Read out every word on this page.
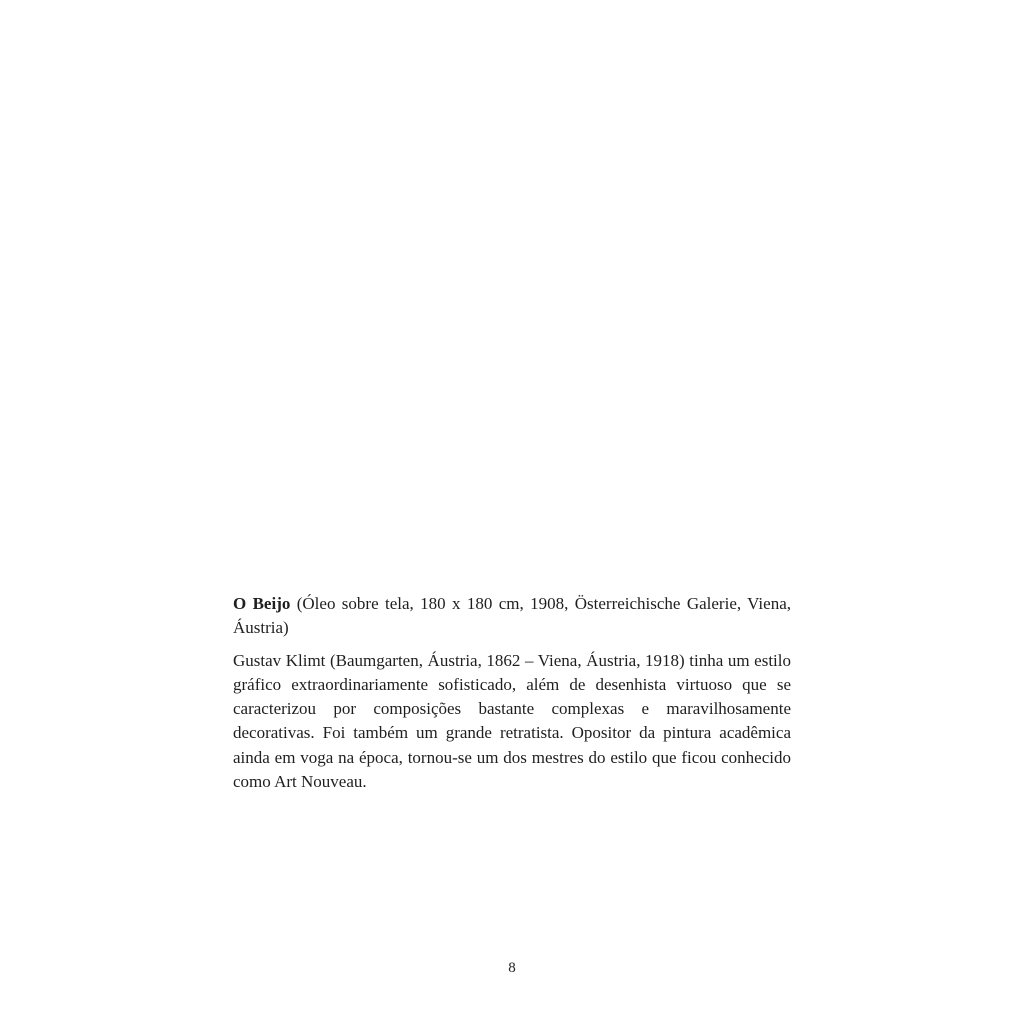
O Beijo (Óleo sobre tela, 180 x 180 cm, 1908, Österreichische Galerie, Viena, Áustria)

Gustav Klimt (Baumgarten, Áustria, 1862 – Viena, Áustria, 1918) tinha um estilo gráfico extraordinariamente sofisticado, além de desenhista virtuoso que se caracterizou por composições bastante complexas e maravilhosamente decorativas. Foi também um grande retratista. Opositor da pintura acadêmica ainda em voga na época, tornou-se um dos mestres do estilo que ficou conhecido como Art Nouveau.

8
